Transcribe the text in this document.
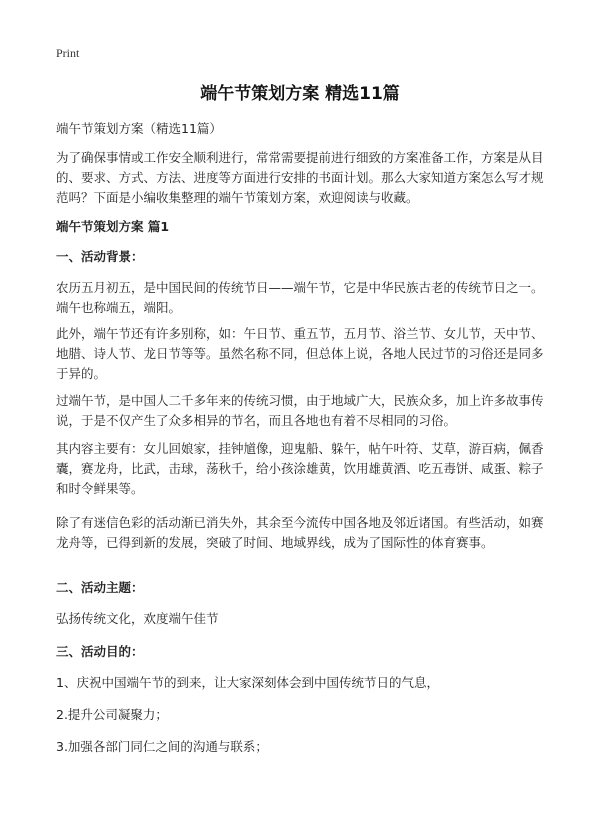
Print
端午节策划方案 精选11篇

端午节策划方案（精选11篇）

为了确保事情或工作安全顺利进行，常常需要提前进行细致的方案准备工作，方案是从目的、要求、方式、方法、进度等方面进行安排的书面计划。那么大家知道方案怎么写才规范吗？下面是小编收集整理的端午节策划方案，欢迎阅读与收藏。

端午节策划方案 篇1

一、活动背景：

农历五月初五，是中国民间的传统节日——端午节，它是中华民族古老的传统节日之一。端午也称端五，端阳。

此外，端午节还有许多别称，如：午日节、重五节，五月节、浴兰节、女儿节，天中节、地腊、诗人节、龙日节等等。虽然名称不同，但总体上说，各地人民过节的习俗还是同多于异的。

过端午节，是中国人二千多年来的传统习惯，由于地域广大，民族众多，加上许多故事传说，于是不仅产生了众多相异的节名，而且各地也有着不尽相同的习俗。

其内容主要有：女儿回娘家，挂钟馗像，迎鬼船、躲午，帖午叶符、艾草，游百病，佩香囊，赛龙舟，比武，击球，荡秋千，给小孩涂雄黄，饮用雄黄酒、吃五毒饼、咸蛋、粽子和时令鲜果等。

除了有迷信色彩的活动渐已消失外，其余至今流传中国各地及邻近诸国。有些活动，如赛龙舟等，已得到新的发展，突破了时间、地域界线，成为了国际性的体育赛事。

二、活动主题：

弘扬传统文化，欢度端午佳节

三、活动目的：

1、庆祝中国端午节的到来，让大家深刻体会到中国传统节日的气息，

2.提升公司凝聚力；

3.加强各部门同仁之间的沟通与联系；
